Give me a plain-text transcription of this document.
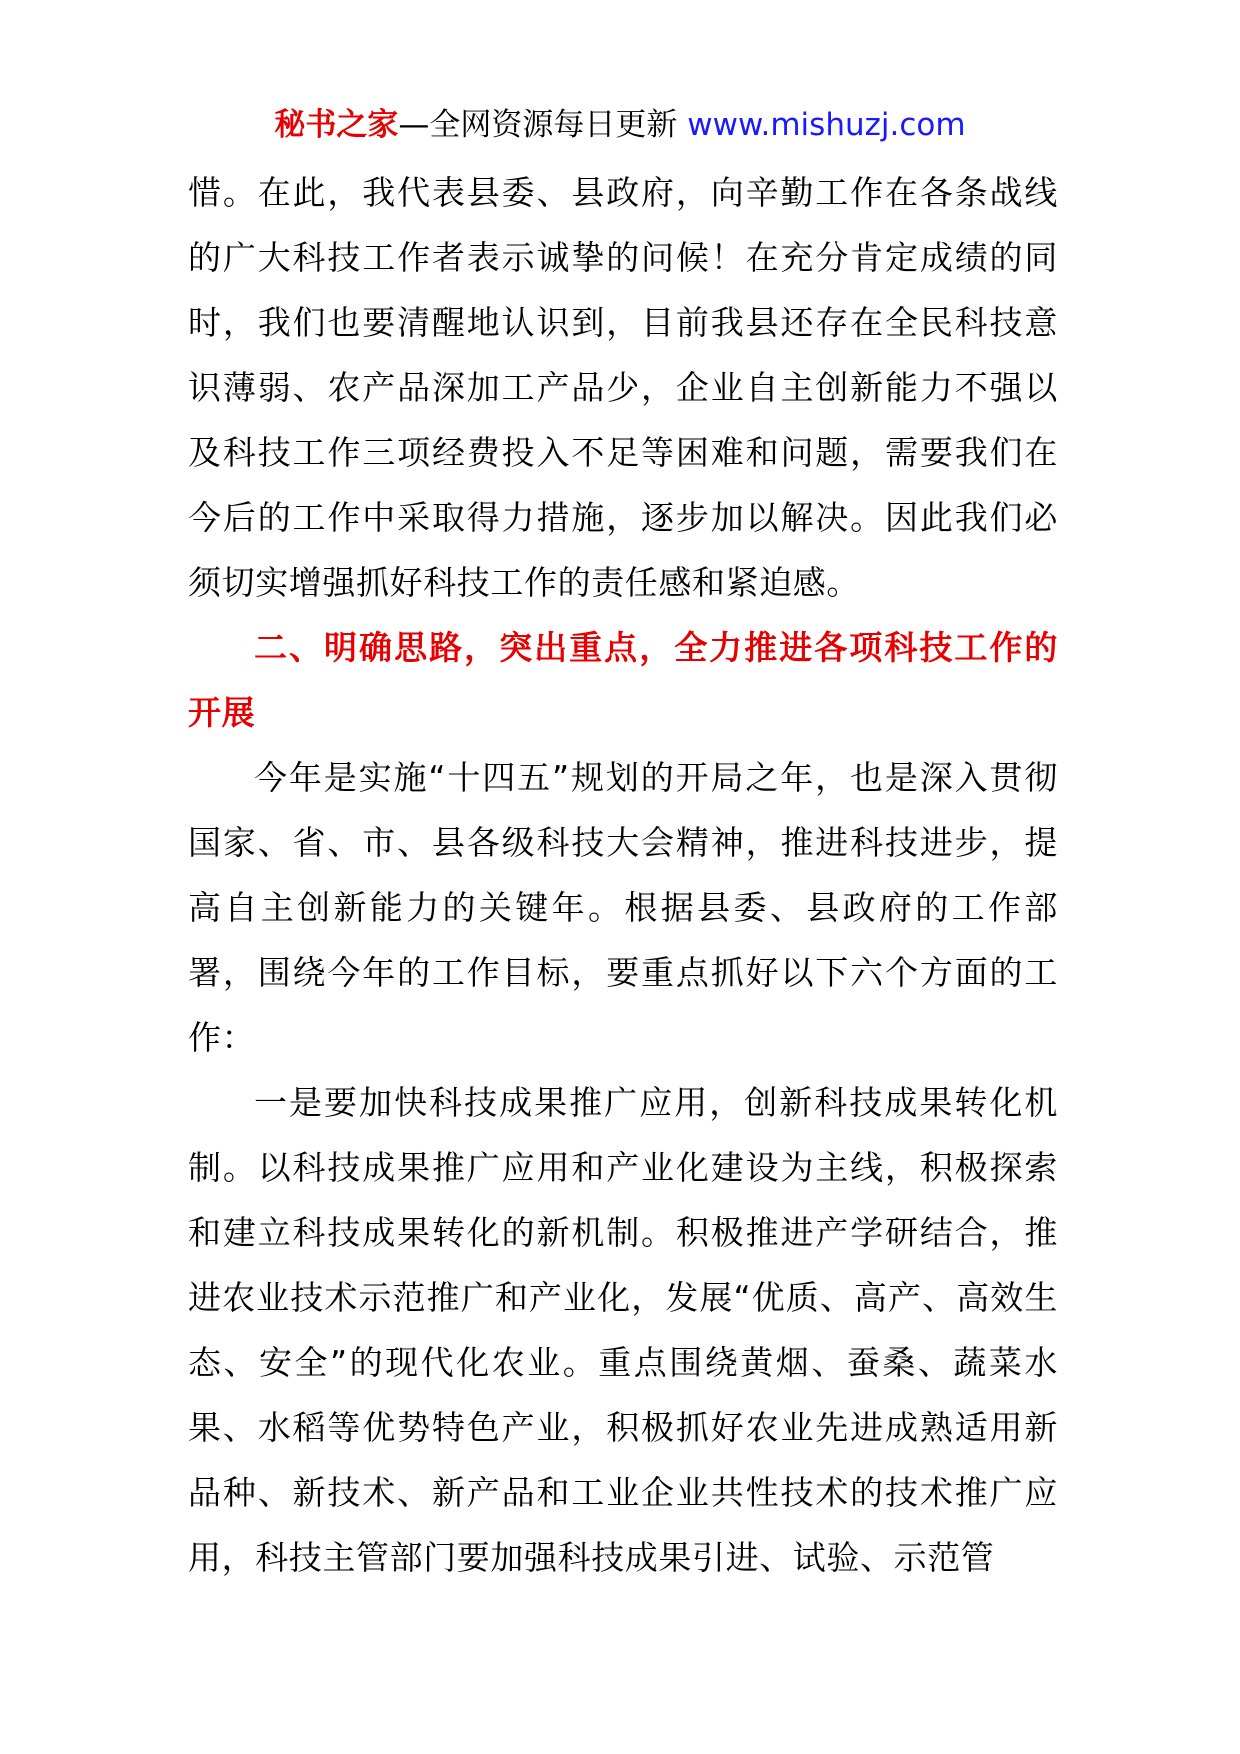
秘书之家—全网资源每日更新 www.mishuzj.com

惜。在此，我代表县委、县政府，向辛勤工作在各条战线的广大科技工作者表示诚挚的问候！在充分肯定成绩的同时，我们也要清醒地认识到，目前我县还存在全民科技意识薄弱、农产品深加工产品少，企业自主创新能力不强以及科技工作三项经费投入不足等困难和问题，需要我们在今后的工作中采取得力措施，逐步加以解决。因此我们必须切实增强抓好科技工作的责任感和紧迫感。

二、明确思路，突出重点，全力推进各项科技工作的开展

今年是实施“十四五”规划的开局之年，也是深入贯彻国家、省、市、县各级科技大会精神，推进科技进步，提高自主创新能力的关键年。根据县委、县政府的工作部署，围绕今年的工作目标，要重点抓好以下六个方面的工作：

一是要加快科技成果推广应用，创新科技成果转化机制。以科技成果推广应用和产业化建设为主线，积极探索和建立科技成果转化的新机制。积极推进产学研结合，推进农业技术示范推广和产业化，发展“优质、高产、高效生态、安全”的现代化农业。重点围绕黄烟、蚕桑、蔬菜水果、水稻等优势特色产业，积极抓好农业先进成熟适用新品种、新技术、新产品和工业企业共性技术的技术推广应用，科技主管部门要加强科技成果引进、试验、示范管
